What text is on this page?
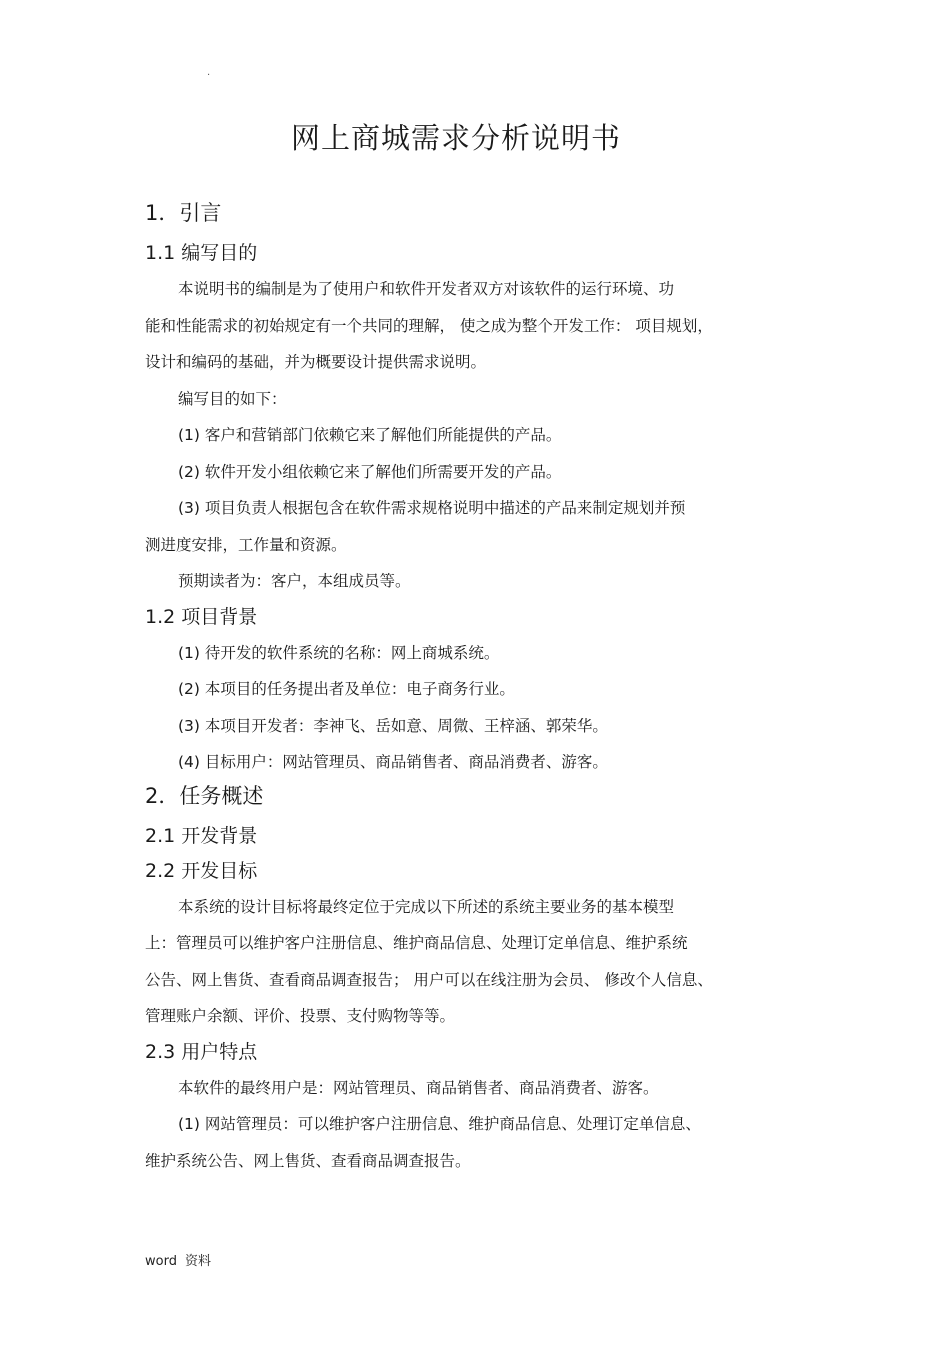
·
网上商城需求分析说明书
1．引言
1.1 编写目的

本说明书的编制是为了使用户和软件开发者双方对该软件的运行环境、功

能和性能需求的初始规定有一个共同的理解， 使之成为整个开发工作： 项目规划，

设计和编码的基础，并为概要设计提供需求说明。

编写目的如下：

(1) 客户和营销部门依赖它来了解他们所能提供的产品。

(2) 软件开发小组依赖它来了解他们所需要开发的产品。

(3) 项目负责人根据包含在软件需求规格说明中描述的产品来制定规划并预

测进度安排，工作量和资源。

预期读者为：客户，本组成员等。

1.2 项目背景

(1) 待开发的软件系统的名称：网上商城系统。

(2) 本项目的任务提出者及单位：电子商务行业。

(3) 本项目开发者：李神飞、岳如意、周微、王梓涵、郭荣华。

(4) 目标用户：网站管理员、商品销售者、商品消费者、游客。

2．任务概述
2.1 开发背景
2.2 开发目标

本系统的设计目标将最终定位于完成以下所述的系统主要业务的基本模型

上：管理员可以维护客户注册信息、维护商品信息、处理订定单信息、维护系统

公告、网上售货、查看商品调查报告； 用户可以在线注册为会员、 修改个人信息、

管理账户余额、评价、投票、支付购物等等。

2.3 用户特点

本软件的最终用户是：网站管理员、商品销售者、商品消费者、游客。

(1) 网站管理员：可以维护客户注册信息、维护商品信息、处理订定单信息、

维护系统公告、网上售货、查看商品调查报告。

word 资料
